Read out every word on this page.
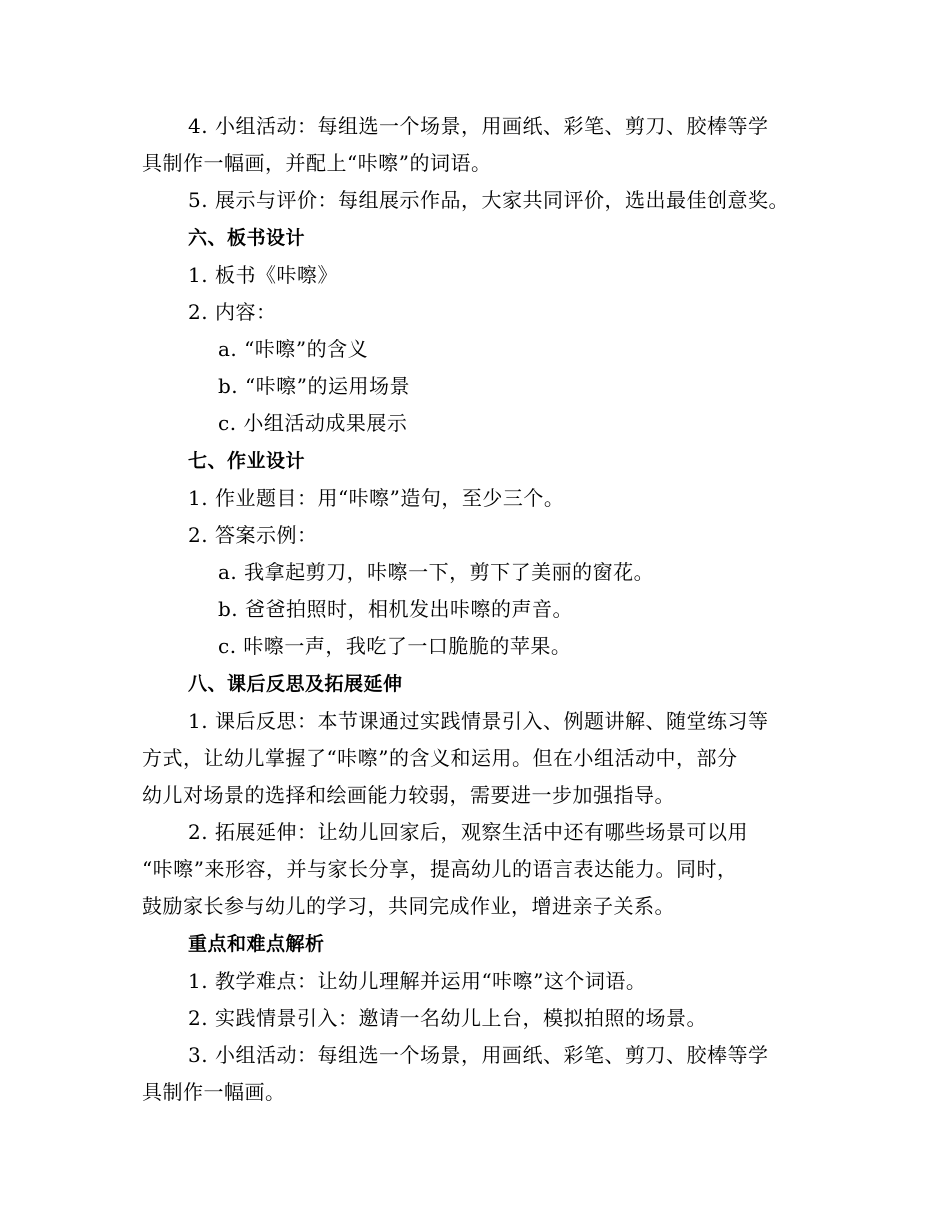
4. 小组活动：每组选一个场景，用画纸、彩笔、剪刀、胶棒等学
具制作一幅画，并配上“咔嚓”的词语。
5. 展示与评价：每组展示作品，大家共同评价，选出最佳创意奖。
六、板书设计
1. 板书《咔嚓》
2. 内容：
a. “咔嚓”的含义
b. “咔嚓”的运用场景
c. 小组活动成果展示
七、作业设计
1. 作业题目：用“咔嚓”造句，至少三个。
2. 答案示例：
a. 我拿起剪刀，咔嚓一下，剪下了美丽的窗花。
b. 爸爸拍照时，相机发出咔嚓的声音。
c. 咔嚓一声，我吃了一口脆脆的苹果。
八、课后反思及拓展延伸
1. 课后反思：本节课通过实践情景引入、例题讲解、随堂练习等
方式，让幼儿掌握了“咔嚓”的含义和运用。但在小组活动中，部分
幼儿对场景的选择和绘画能力较弱，需要进一步加强指导。
2. 拓展延伸：让幼儿回家后，观察生活中还有哪些场景可以用
“咔嚓”来形容，并与家长分享，提高幼儿的语言表达能力。同时，
鼓励家长参与幼儿的学习，共同完成作业，增进亲子关系。
重点和难点解析
1. 教学难点：让幼儿理解并运用“咔嚓”这个词语。
2. 实践情景引入：邀请一名幼儿上台，模拟拍照的场景。
3. 小组活动：每组选一个场景，用画纸、彩笔、剪刀、胶棒等学
具制作一幅画。
